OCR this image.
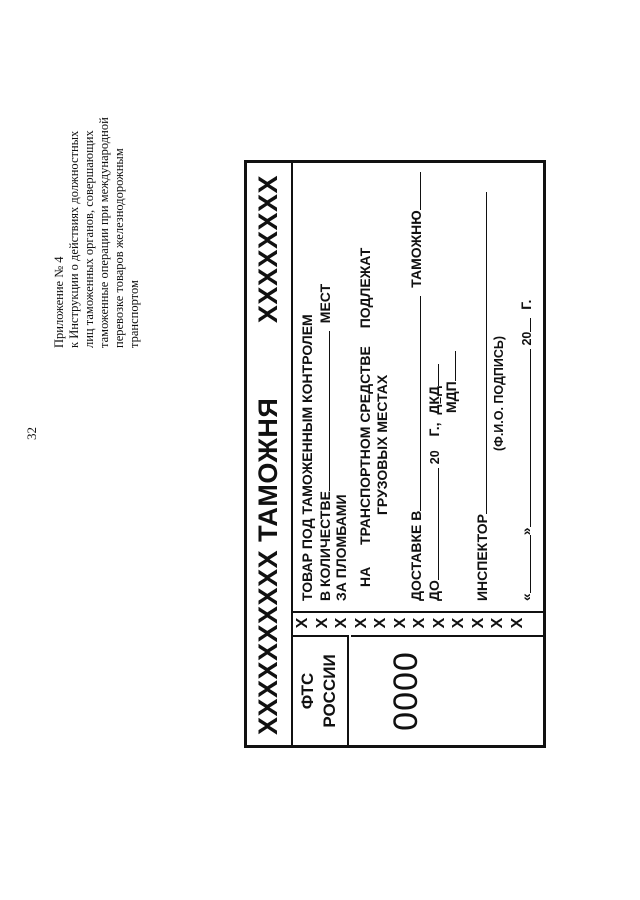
32
Приложение № 4 к Инструкции о действиях должностных лиц таможенных органов, совершающих таможенные операции при международной перевозке товаров железнодорожным транспортом
XXXXXXXXXX ТАМОЖНЯ
XXXXXXXX
ФТС РОССИИ	0000
X X X X X X X X X X X X
ТОВАР ПОД ТАМОЖЕННЫМ КОНТРОЛЕМ В КОЛИЧЕСТВЕ МЕСТ
ЗА ПЛОМБАМИ НА ТРАНСПОРТНОМ СРЕДСТВЕ ПОДЛЕЖАТ
ГРУЗОВЫХ МЕСТАХ
ДОСТАВКЕ В ТАМОЖНЮ
ДО 20 Г., ДКД МДП
ИНСПЕКТОР
(Ф.И.О. ПОДПИСЬ)
«» 20 Г.
